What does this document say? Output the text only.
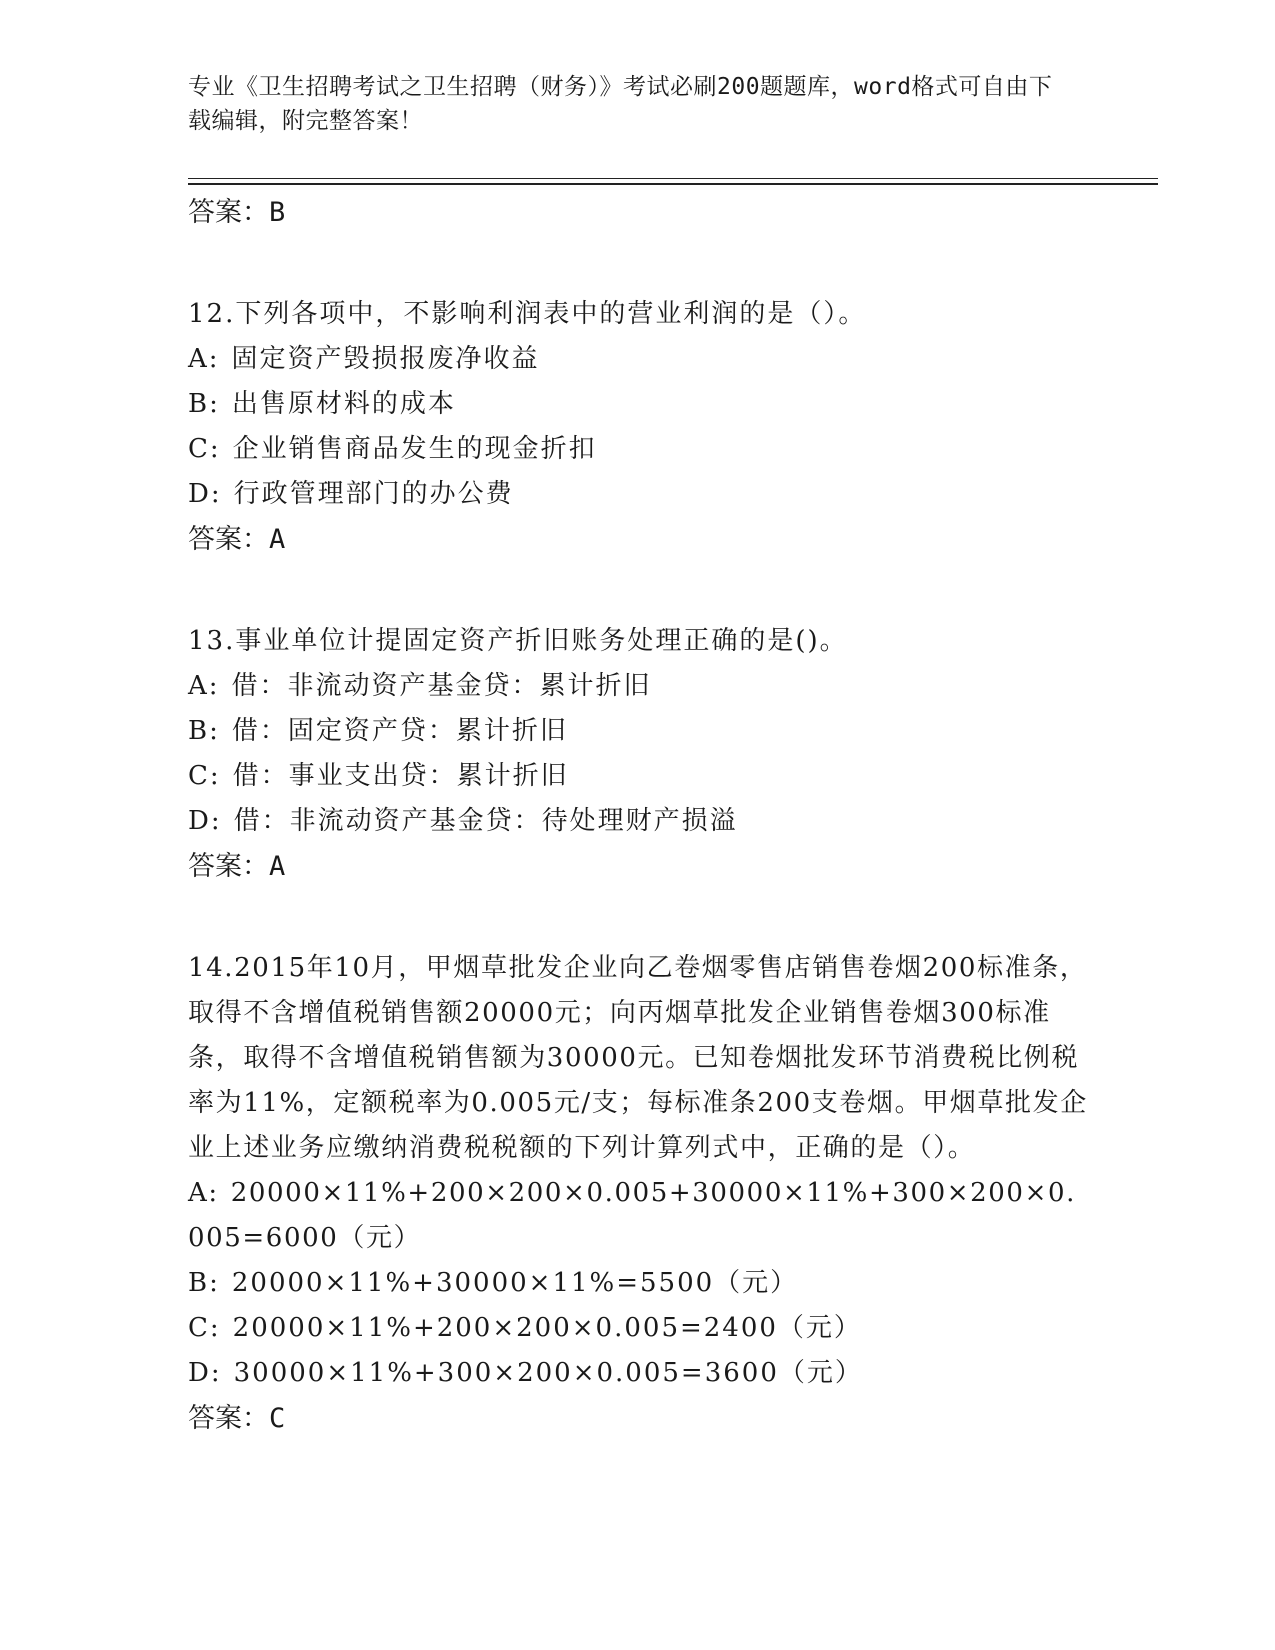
专业《卫生招聘考试之卫生招聘（财务）》考试必刷200题题库，word格式可自由下载编辑，附完整答案！
答案：B
12.下列各项中，不影响利润表中的营业利润的是（）。
A: 固定资产毁损报废净收益
B: 出售原材料的成本
C: 企业销售商品发生的现金折扣
D: 行政管理部门的办公费
答案：A
13.事业单位计提固定资产折旧账务处理正确的是()。
A: 借：非流动资产基金贷：累计折旧
B: 借：固定资产贷：累计折旧
C: 借：事业支出贷：累计折旧
D: 借：非流动资产基金贷：待处理财产损溢
答案：A
14.2015年10月，甲烟草批发企业向乙卷烟零售店销售卷烟200标准条，取得不含增值税销售额20000元；向丙烟草批发企业销售卷烟300标准条，取得不含增值税销售额为30000元。已知卷烟批发环节消费税比例税率为11%，定额税率为0.005元/支；每标准条200支卷烟。甲烟草批发企业上述业务应缴纳消费税税额的下列计算列式中，正确的是（）。
A: 20000×11%+200×200×0.005+30000×11%+300×200×0.005=6000（元）
B: 20000×11%+30000×11%=5500（元）
C: 20000×11%+200×200×0.005=2400（元）
D: 30000×11%+300×200×0.005=3600（元）
答案：C
